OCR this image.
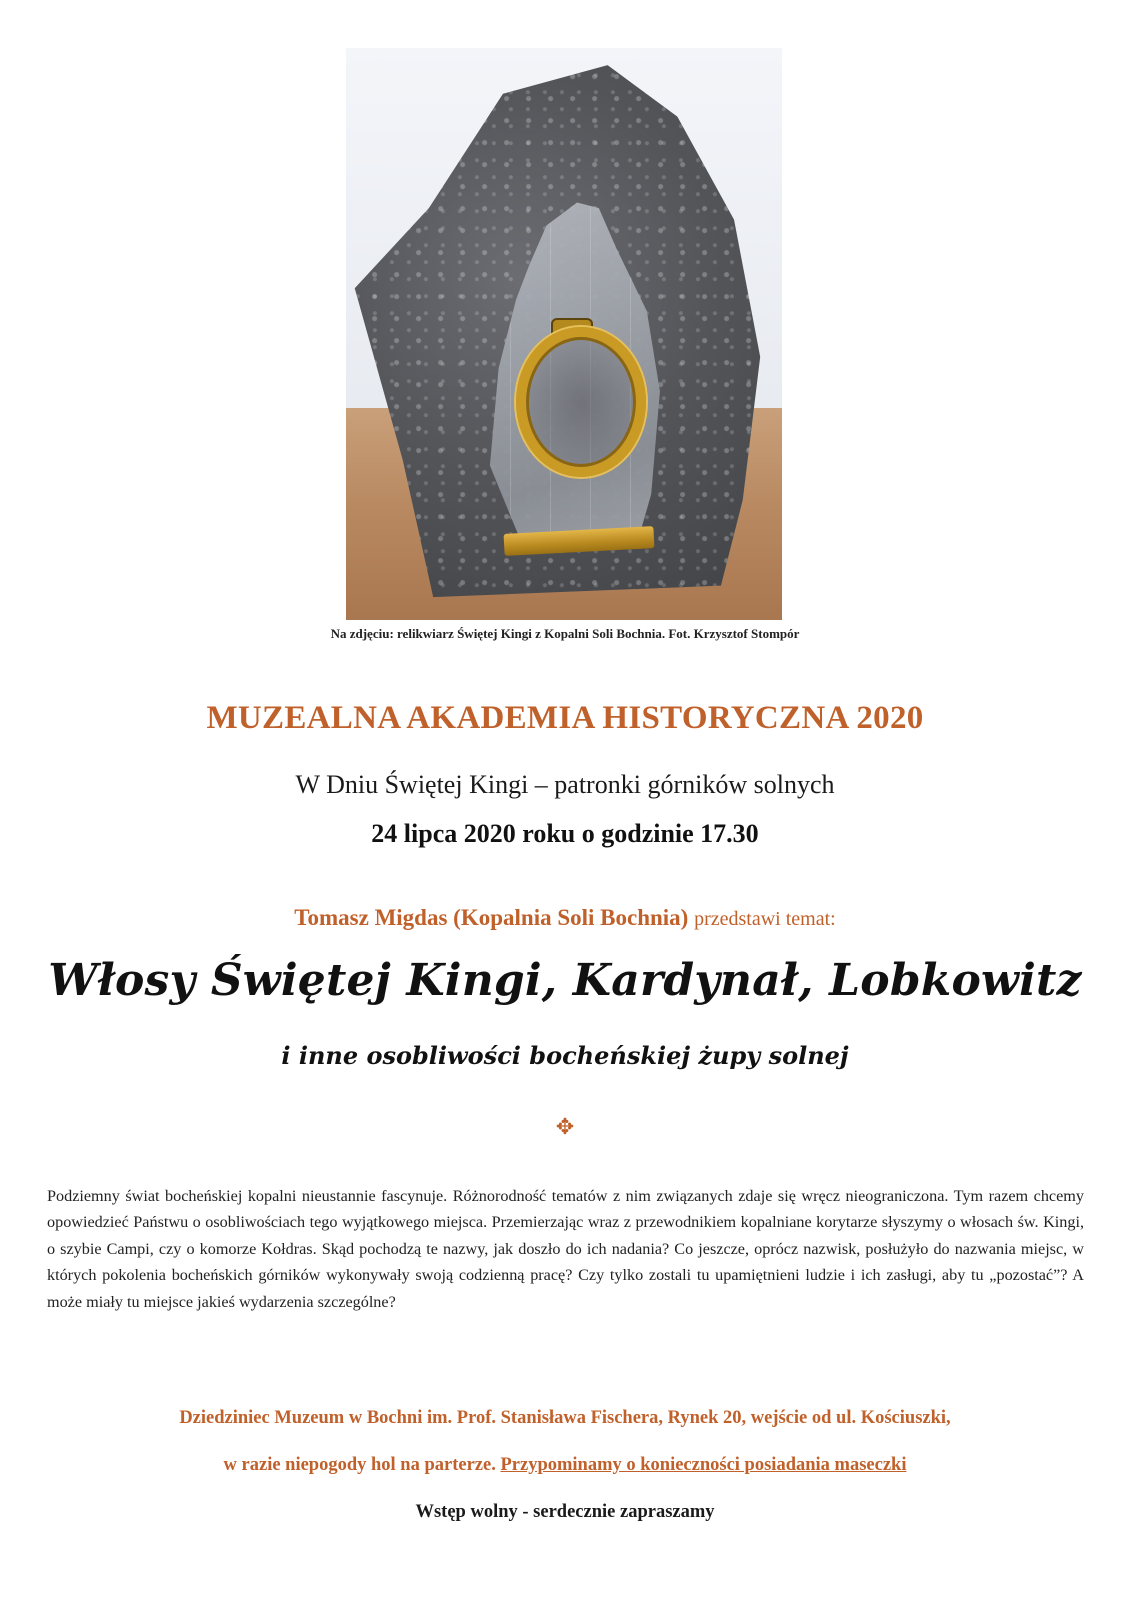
Na zdjęciu: relikwiarz Świętej Kingi z Kopalni Soli Bochnia. Fot. Krzysztof Stompór
MUZEALNA AKADEMIA HISTORYCZNA 2020
W Dniu Świętej Kingi – patronki górników solnych
24 lipca 2020 roku o godzinie 17.30
Tomasz Migdas (Kopalnia Soli Bochnia) przedstawi temat:
Włosy Świętej Kingi, Kardynał, Lobkowitz
i inne osobliwości bocheńskiej żupy solnej
✥
Podziemny świat bocheńskiej kopalni nieustannie fascynuje. Różnorodność tematów z nim związanych zdaje się wręcz nieograniczona. Tym razem chcemy opowiedzieć Państwu o osobliwościach tego wyjątkowego miejsca. Przemierzając wraz z przewodnikiem kopalniane korytarze słyszymy o włosach św. Kingi, o szybie Campi, czy o komorze Kołdras. Skąd pochodzą te nazwy, jak doszło do ich nadania? Co jeszcze, oprócz nazwisk, posłużyło do nazwania miejsc, w których pokolenia bocheńskich górników wykonywały swoją codzienną pracę? Czy tylko zostali tu upamiętnieni ludzie i ich zasługi, aby tu „pozostać”? A może miały tu miejsce jakieś wydarzenia szczególne?
Dziedziniec Muzeum w Bochni im. Prof. Stanisława Fischera, Rynek 20, wejście od ul. Kościuszki,
w razie niepogody hol na parterze. Przypominamy o konieczności posiadania maseczki
Wstęp wolny - serdecznie zapraszamy
